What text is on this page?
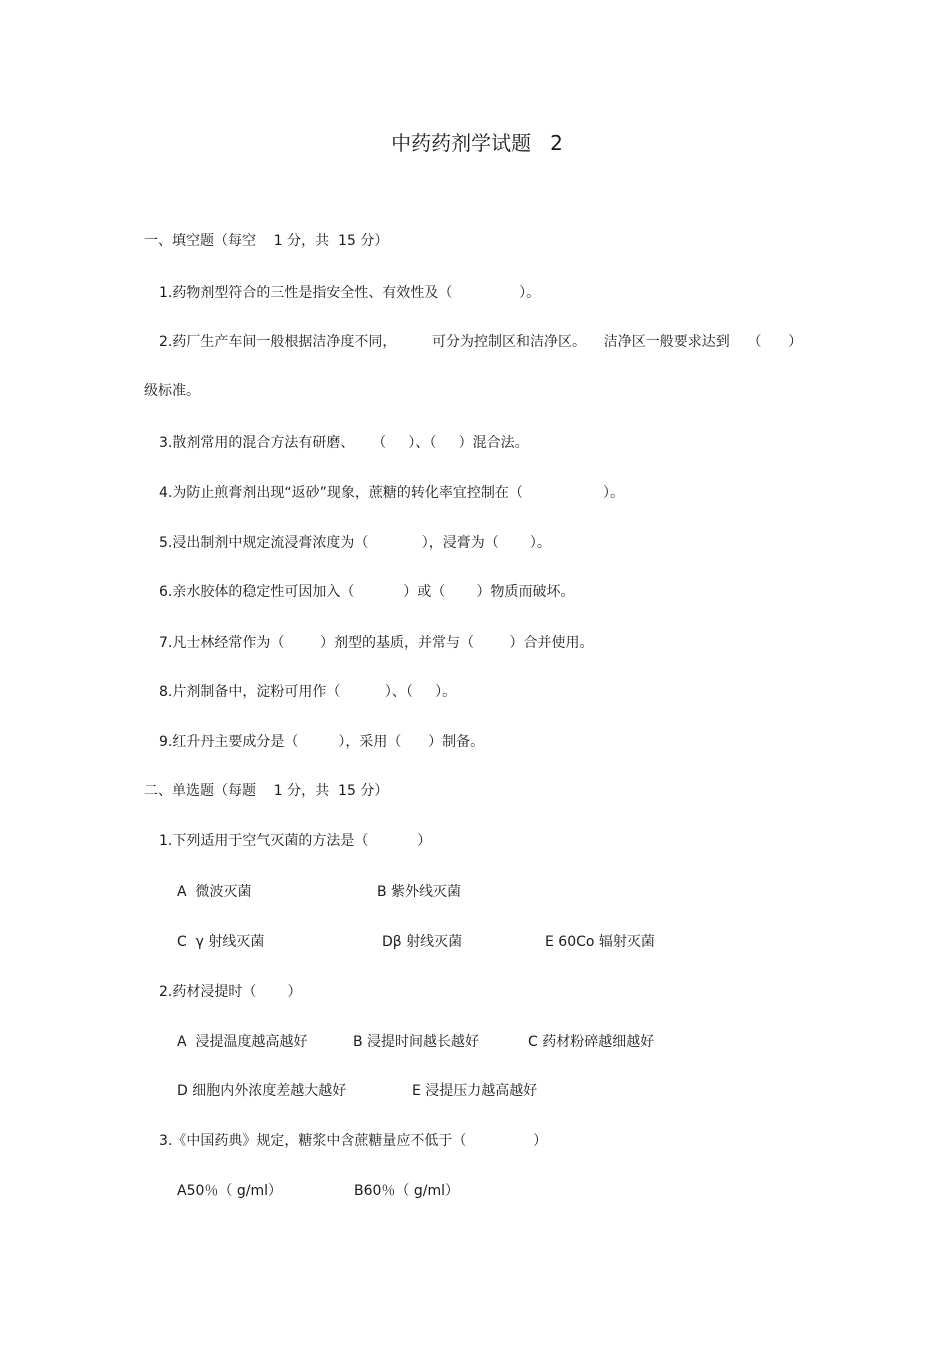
中药药剂学试题   2
一、填空题（每空    1 分，共  15 分）
1.药物剂型符合的三性是指安全性、有效性及（               ）。
2.药厂生产车间一般根据洁净度不同，        可分为控制区和洁净区。    洁净区一般要求达到    （      ）
级标准。
3.散剂常用的混合方法有研磨、    （     ）、（     ）混合法。
4.为防止煎膏剂出现“返砂”现象，蔗糖的转化率宜控制在（                  ）。
5.浸出制剂中规定流浸膏浓度为（            ），浸膏为（       ）。
6.亲水胶体的稳定性可因加入（           ）或（       ）物质而破坏。
7.凡士林经常作为（        ）剂型的基质，并常与（        ）合并使用。
8.片剂制备中，淀粉可用作（          ）、（     ）。
9.红升丹主要成分是（         ），采用（      ）制备。
二、单选题（每题    1 分，共  15 分）
1.下列适用于空气灭菌的方法是（           ）
A  微波灭菌	B 紫外线灭菌
C  γ 射线灭菌	Dβ 射线灭菌	E 60Co 辐射灭菌
2.药材浸提时（       ）
A  浸提温度越高越好	B 浸提时间越长越好	C 药材粉碎越细越好
D 细胞内外浓度差越大越好	E 浸提压力越高越好
3.《中国药典》规定，糖浆中含蔗糖量应不低于（               ）
A50％（ g/ml）	B60％（ g/ml）
